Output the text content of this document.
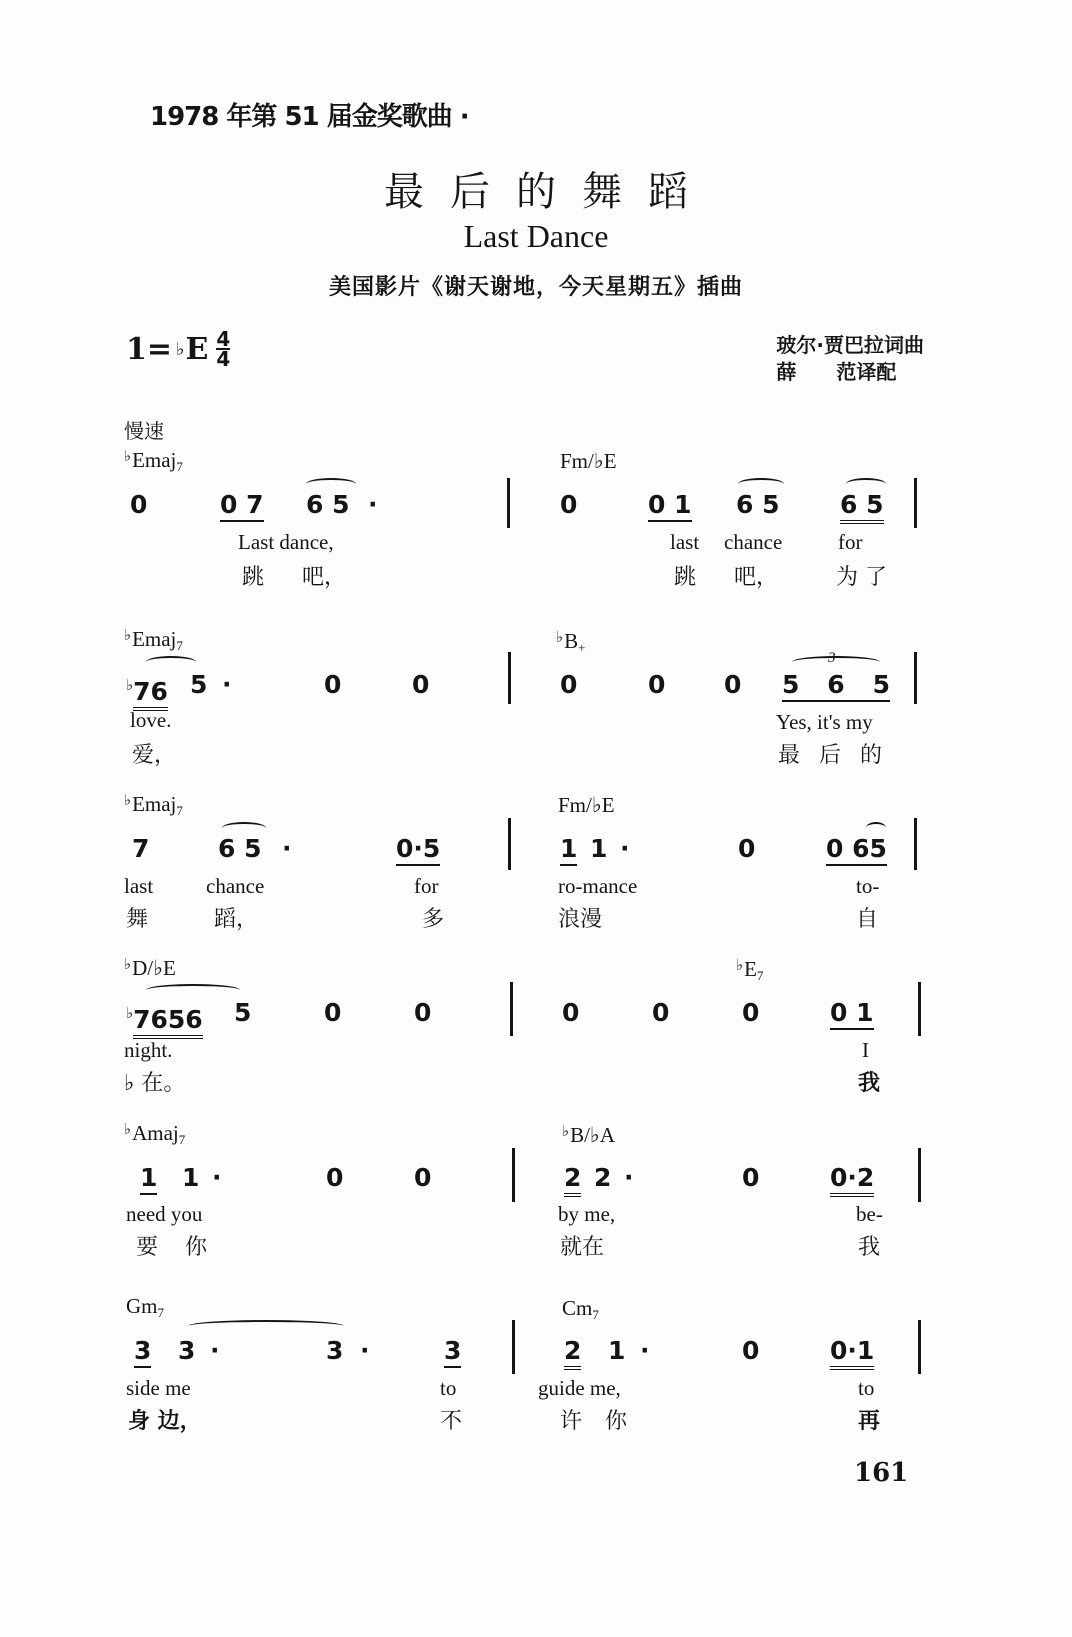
1978 年第 51 届金奖歌曲 ·
最后的舞蹈
Last Dance
美国影片《谢天谢地，今天星期五》插曲
1= ♭ E $\frac{4}{4}$	玻尔·贾巴拉词曲
薛　　范译配
慢速
♭Emaj$_7$	Fm/♭E
0	0 7 6 5 ·
Last dance,
跳 吧，
0	0 1 6 5 6 5
last chance	for
跳 吧，	为 了
♭Emaj$_7$	$^♭B_+$
♭76 5 ·	0	0
love.
爱，
0	0 0
3
5 6 5
Yes, it's my
最 后 的
♭Emaj$_7$	Fm/♭E
7	6 5 ·	0·5
last	chance	for
舞	蹈，	多
1 1 ·	0	0 65
ro-mance	to-
浪漫	自
♭D/♭E	$^♭E_7$
♭7656 5	0	0
night.
♭ 在。
0	0	0	0 1
I
我
♭Amaj$_7$	♭B/♭A
1 1 ·	0	0
need you
要 你
2 2 ·	0	0·2
by me,	be-
就在	我
$Gm_7$	$Cm_7$
3 3 ·	3 ·	3
side me	to
身 边，	不
2 1 ·	0	0·1
guide me,	to
许 你	再
161
